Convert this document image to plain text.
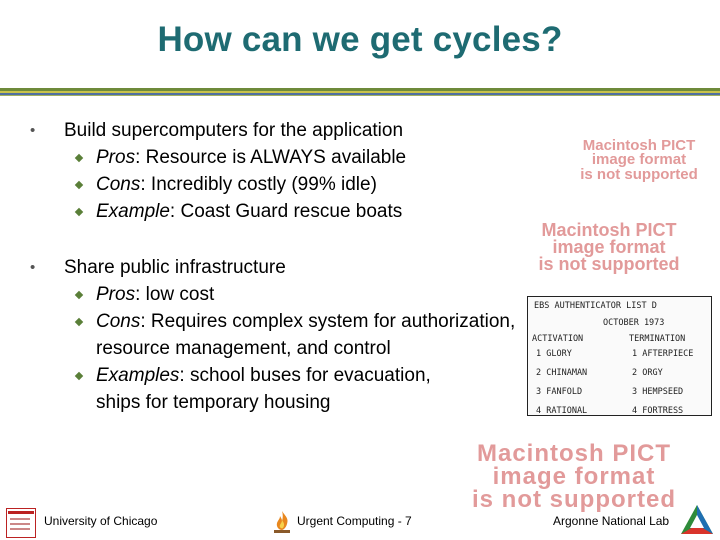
How can we get cycles?
• Build supercomputers for the application
Pros: Resource is ALWAYS available
Cons: Incredibly costly (99% idle)
Example: Coast Guard rescue boats
• Share public infrastructure
Pros: low cost
Cons: Requires complex system for authorization,
resource management, and control
Examples: school buses for evacuation,
ships for temporary housing
Macintosh PICT
image format
is not supported
Macintosh PICT
image format
is not supported
EBS AUTHENTICATOR LIST D
OCTOBER 1973
ACTIVATION	TERMINATION
1 GLORY	1 AFTERPIECE
2 CHINAMAN	2 ORGY
3 FANFOLD	3 HEMPSEED
4 RATIONAL	4 FORTRESS
Macintosh PICT
image format
is not supported
University of Chicago	Urgent Computing - 7	Argonne National Lab
